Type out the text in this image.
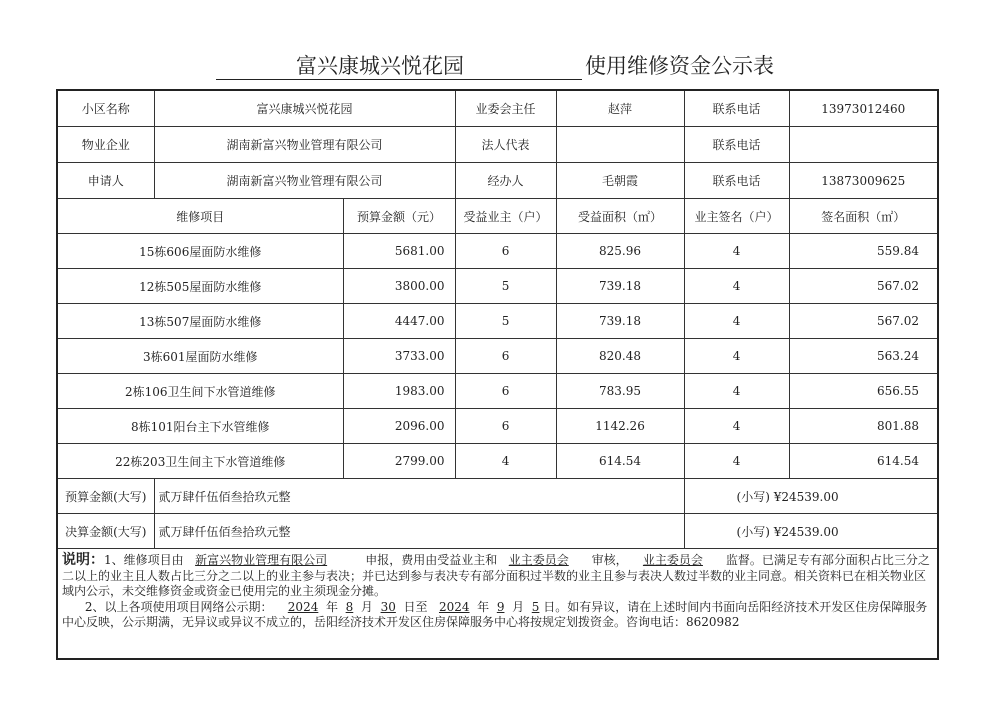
富兴康城兴悦花园	使用维修资金公示表
小区名称	富兴康城兴悦花园		业委会主任	赵萍	联系电话	13973012460
物业企业	湖南新富兴物业管理有限公司		法人代表		联系电话	
申请人	湖南新富兴物业管理有限公司		经办人	毛朝霞	联系电话	13873009625
维修项目		预算金额（元）	受益业主（户）	受益面积（㎡）	业主签名（户）	签名面积（㎡）
15栋606屋面防水维修		5681.00	6	825.96	4	559.84
12栋505屋面防水维修		3800.00	5	739.18	4	567.02
13栋507屋面防水维修		4447.00	5	739.18	4	567.02
3栋601屋面防水维修		3733.00	6	820.48	4	563.24
2栋106卫生间下水管道维修		1983.00	6	783.95	4	656.55
8栋101阳台主下水管维修		2096.00	6	1142.26	4	801.88
22栋203卫生间主下水管道维修		2799.00	4	614.54	4	614.54
预算金额(大写)	贰万肆仟伍佰叁拾玖元整				(小写) ¥24539.00	
决算金额(大写)	贰万肆仟伍佰叁拾玖元整				(小写) ¥24539.00	
说明：1、维修项目由 新富兴物业管理有限公司 申报，费用由受益业主和 业主委员会 审核， 业主委员会 监督。已满足专有部分面积占比三分之二以上的业主且人数占比三分之二以上的业主参与表决；并已达到参与表决专有部分面积过半数的业主且参与表决人数过半数的业主同意。相关资料已在相关物业区域内公示，未交维修资金或资金已使用完的业主须现金分摊。
2、以上各项使用项目网络公示期： 2024 年 8 月 30 日至 2024 年 9 月 5 日。如有异议，请在上述时间内书面向岳阳经济技术开发区住房保障服务中心反映，公示期满，无异议或异议不成立的，岳阳经济技术开发区住房保障服务中心将按规定划拨资金。咨询电话：8620982						
